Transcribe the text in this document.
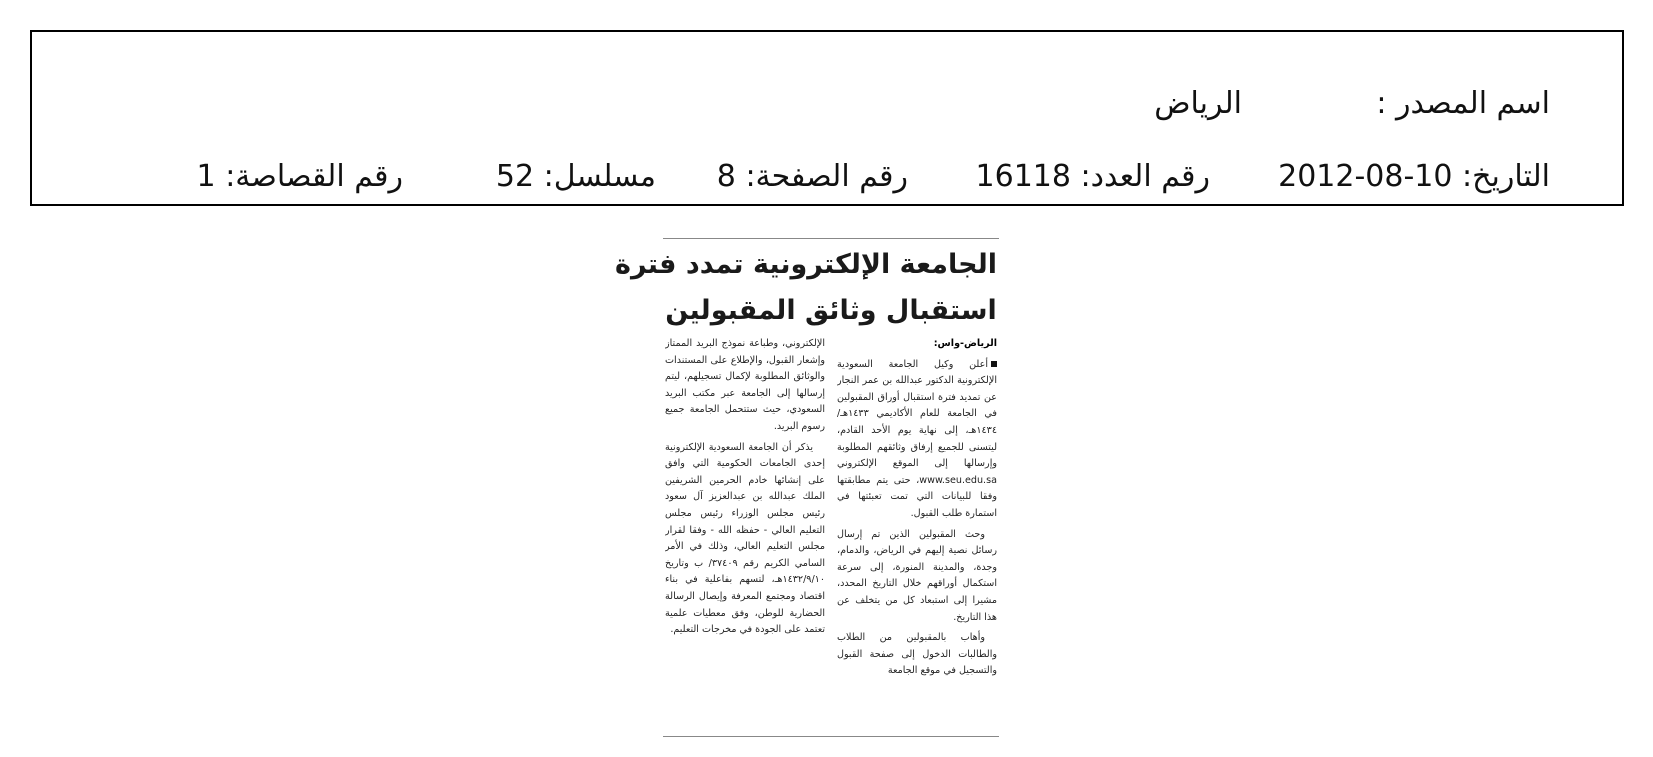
اسم المصدر :
الرياض
التاريخ: 2012-08-10
رقم العدد: 16118
رقم الصفحة: 8
مسلسل: 52
رقم القصاصة: 1
الجامعة الإلكترونية تمدد فترة
استقبال وثائق المقبولين

الرياض-واس:

أعلن وكيل الجامعة السعودية الإلكترونية الدكتور عبدالله بن عمر النجار عن تمديد فترة استقبال أوراق المقبولين في الجامعة للعام الأكاديمي ١٤٣٣هـ/ ١٤٣٤هـ، إلى نهاية يوم الأحد القادم، ليتسنى للجميع إرفاق وثائقهم المطلوبة وإرسالها إلى الموقع الإلكتروني www.seu.edu.sa، حتى يتم مطابقتها وفقا للبيانات التي تمت تعبئتها في استمارة طلب القبول.

وحث المقبولين الذين تم إرسال رسائل نصية إليهم في الرياض، والدمام، وجدة، والمدينة المنورة، إلى سرعة استكمال أوراقهم خلال التاريخ المحدد، مشيرا إلى استبعاد كل من يتخلف عن هذا التاريخ.

وأهاب بالمقبولين من الطلاب والطالبات الدخول إلى صفحة القبول والتسجيل في موقع الجامعة

الإلكتروني، وطباعة نموذج البريد الممتاز وإشعار القبول، والإطلاع على المستندات والوثائق المطلوبة لإكمال تسجيلهم، ليتم إرسالها إلى الجامعة عبر مكتب البريد السعودي، حيث ستتحمل الجامعة جميع رسوم البريد.

يذكر أن الجامعة السعودية الإلكترونية إحدى الجامعات الحكومية التي وافق على إنشائها خادم الحرمين الشريفين الملك عبدالله بن عبدالعزيز آل سعود رئيس مجلس الوزراء رئيس مجلس التعليم العالي - حفظه الله - وفقا لقرار مجلس التعليم العالي، وذلك في الأمر السامي الكريم رقم ٣٧٤٠٩/ ب وتاريخ ١٤٣٢/٩/١٠هـ، لتسهم بفاعلية في بناء اقتصاد ومجتمع المعرفة وإيصال الرسالة الحضارية للوطن، وفق معطيات علمية تعتمد على الجودة في مخرجات التعليم.
